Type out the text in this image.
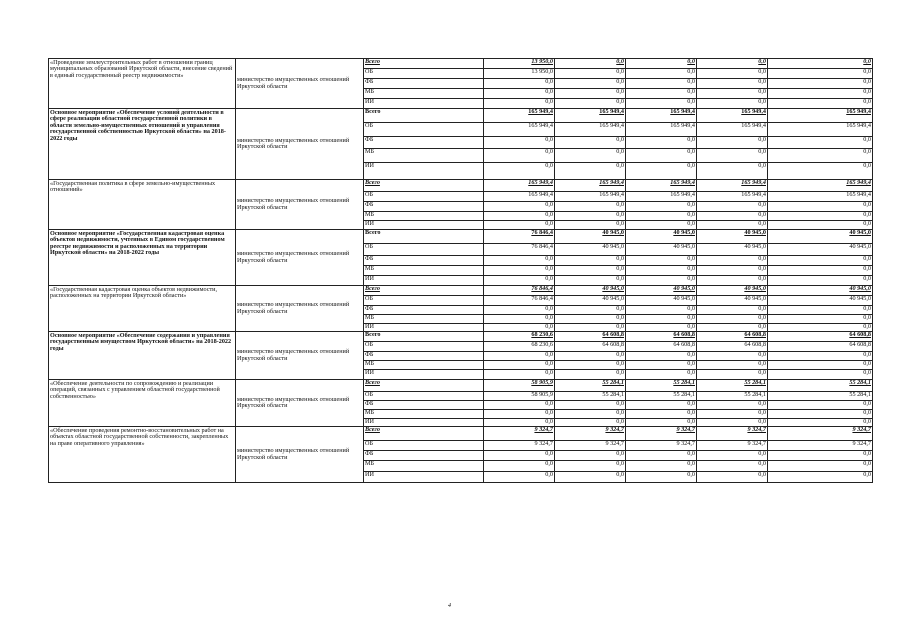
«Проведение землеустроительных работ в отношении границ муниципальных образований Иркутской области, внесение сведений в единый государственный реестр недвижимости»	министерство имущественных отношений Иркутской области	Всего	13 950,0	0,0	0,0	0,0	0,0
		ОБ	13 950,0	0,0	0,0	0,0	0,0
		ФБ	0,0	0,0	0,0	0,0	0,0
		МБ	0,0	0,0	0,0	0,0	0,0
		ИИ	0,0	0,0	0,0	0,0	0,0
Основное мероприятие «Обеспечение условий деятельности в сфере реализации областной государственной политики в области земельно-имущественных отношений и управления государственной собственностью Иркутской области» на 2018-2022 годы	министерство имущественных отношений Иркутской области	Всего	165 949,4	165 949,4	165 949,4	165 949,4	165 949,4
		ОБ	165 949,4	165 949,4	165 949,4	165 949,4	165 949,4
		ФБ	0,0	0,0	0,0	0,0	0,0
		МБ	0,0	0,0	0,0	0,0	0,0
		ИИ	0,0	0,0	0,0	0,0	0,0
«Государственная политика в сфере земельно-имущественных отношений»	министерство имущественных отношений Иркутской области	Всего	165 949,4	165 949,4	165 949,4	165 949,4	165 949,4
		ОБ	165 949,4	165 949,4	165 949,4	165 949,4	165 949,4
		ФБ	0,0	0,0	0,0	0,0	0,0
		МБ	0,0	0,0	0,0	0,0	0,0
		ИИ	0,0	0,0	0,0	0,0	0,0
Основное мероприятие «Государственная кадастровая оценка объектов недвижимости, учтенных в Едином государственном реестре недвижимости и расположенных на территории Иркутской области» на 2018-2022 годы	министерство имущественных отношений Иркутской области	Всего	76 846,4	40 945,0	40 945,0	40 945,0	40 945,0
		ОБ	76 846,4	40 945,0	40 945,0	40 945,0	40 945,0
		ФБ	0,0	0,0	0,0	0,0	0,0
		МБ	0,0	0,0	0,0	0,0	0,0
		ИИ	0,0	0,0	0,0	0,0	0,0
«Государственная кадастровая оценка объектов недвижимости, расположенных на территории Иркутской области»	министерство имущественных отношений Иркутской области	Всего	76 846,4	40 945,0	40 945,0	40 945,0	40 945,0
		ОБ	76 846,4	40 945,0	40 945,0	40 945,0	40 945,0
		ФБ	0,0	0,0	0,0	0,0	0,0
		МБ	0,0	0,0	0,0	0,0	0,0
		ИИ	0,0	0,0	0,0	0,0	0,0
Основное мероприятие «Обеспечение содержания и управления государственным имуществом Иркутской области» на 2018-2022 годы	министерство имущественных отношений Иркутской области	Всего	68 230,6	64 608,8	64 608,8	64 608,8	64 608,8
		ОБ	68 230,6	64 608,8	64 608,8	64 608,8	64 608,8
		ФБ	0,0	0,0	0,0	0,0	0,0
		МБ	0,0	0,0	0,0	0,0	0,0
		ИИ	0,0	0,0	0,0	0,0	0,0
«Обеспечение деятельности по сопровождению и реализации операций, связанных с управлением областной государственной собственностью»	министерство имущественных отношений Иркутской области	Всего	58 905,9	55 284,1	55 284,1	55 284,1	55 284,1
		ОБ	58 905,9	55 284,1	55 284,1	55 284,1	55 284,1
		ФБ	0,0	0,0	0,0	0,0	0,0
		МБ	0,0	0,0	0,0	0,0	0,0
		ИИ	0,0	0,0	0,0	0,0	0,0
«Обеспечение проведения ремонтно-восстановительных работ на объектах областной государственной собственности, закрепленных на праве оперативного управления»	министерство имущественных отношений Иркутской области	Всего	9 324,7	9 324,7	9 324,7	9 324,7	9 324,7
		ОБ	9 324,7	9 324,7	9 324,7	9 324,7	9 324,7
		ФБ	0,0	0,0	0,0	0,0	0,0
		МБ	0,0	0,0	0,0	0,0	0,0
		ИИ	0,0	0,0	0,0	0,0	0,0
4
